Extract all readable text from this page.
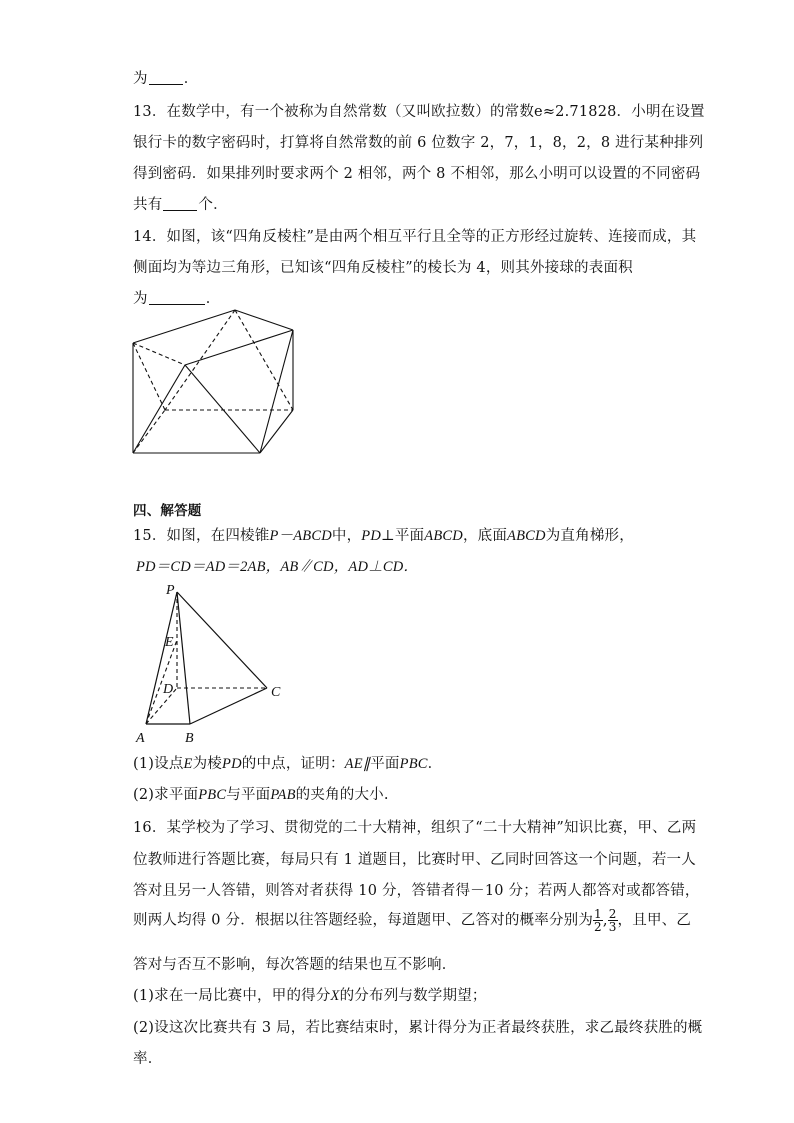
为 ．
13．在数学中，有一个被称为自然常数（又叫欧拉数）的常数e≈2.71828．小明在设置
银行卡的数字密码时，打算将自然常数的前 6 位数字 2，7，1，8，2，8 进行某种排列
得到密码．如果排列时要求两个 2 相邻，两个 8 不相邻，那么小明可以设置的不同密码
共有 个．
14．如图，该“四角反棱柱”是由两个相互平行且全等的正方形经过旋转、连接而成，其
侧面均为等边三角形，已知该“四角反棱柱”的棱长为 4，则其外接球的表面积
为	．
四、解答题
15．如图，在四棱锥P－ABCD中，PD⊥平面ABCD，底面ABCD为直角梯形，
PD＝CD＝AD＝2AB，AB∥CD，AD⊥CD．
P
E
D	C
A	B
(1)设点E为棱PD的中点，证明：AE∥平面PBC．
(2)求平面PBC与平面PAB的夹角的大小.
16．某学校为了学习、贯彻党的二十大精神，组织了“二十大精神”知识比赛，甲、乙两
位教师进行答题比赛，每局只有 1 道题目，比赛时甲、乙同时回答这一个问题，若一人
答对且另一人答错，则答对者获得 10 分，答错者得－10 分；若两人都答对或都答错，
则两人均得 0 分．根据以往答题经验，每道题甲、乙答对的概率分别为 $\frac{1}{2}$ , $\frac{2}{3}$ ，且甲、乙
答对与否互不影响，每次答题的结果也互不影响．
(1)求在一局比赛中，甲的得分X的分布列与数学期望；
(2)设这次比赛共有 3 局，若比赛结束时，累计得分为正者最终获胜，求乙最终获胜的概
率．
